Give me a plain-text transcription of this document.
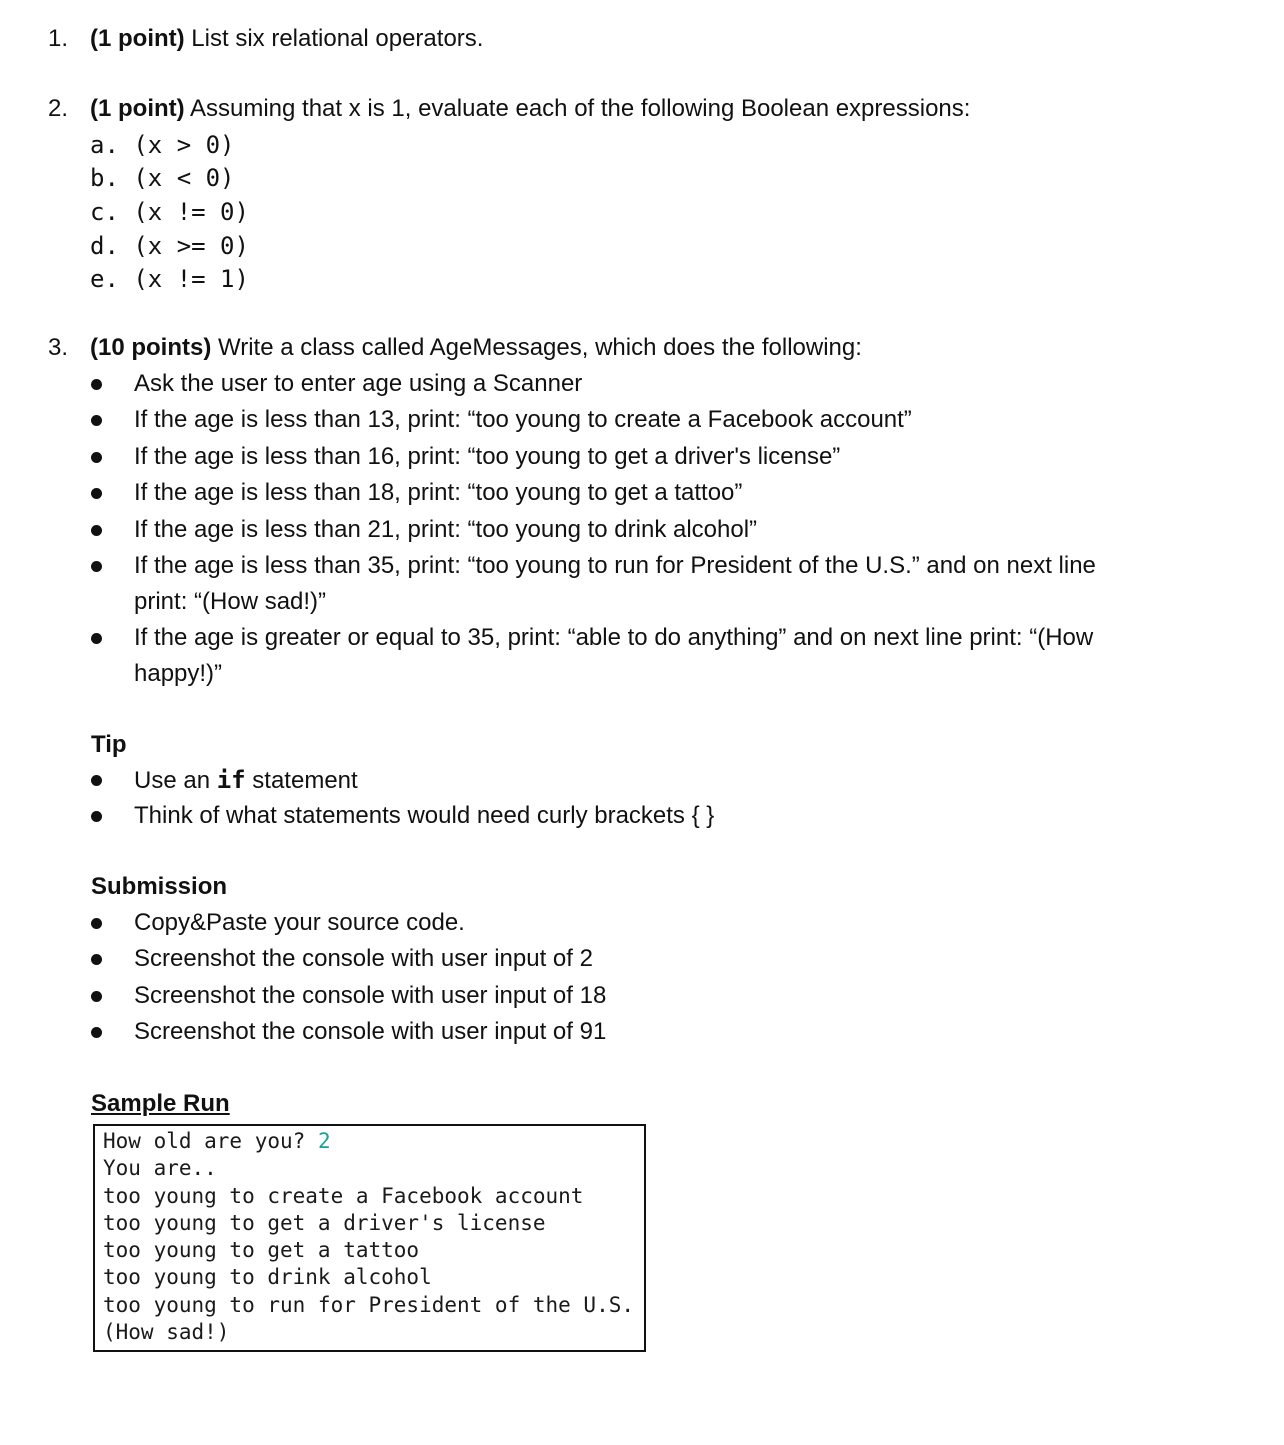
1. (1 point) List six relational operators.
2. (1 point) Assuming that x is 1, evaluate each of the following Boolean expressions:
a. (x > 0)
b. (x < 0)
c. (x != 0)
d. (x >= 0)
e. (x != 1)
3. (10 points) Write a class called AgeMessages, which does the following:
Ask the user to enter age using a Scanner
If the age is less than 13, print: “too young to create a Facebook account”
If the age is less than 16, print: “too young to get a driver's license”
If the age is less than 18, print: “too young to get a tattoo”
If the age is less than 21, print: “too young to drink alcohol”
If the age is less than 35, print: “too young to run for President of the U.S.” and on next line print: “(How sad!)”
If the age is greater or equal to 35, print: “able to do anything” and on next line print: “(How happy!)”
Tip
Use an if statement
Think of what statements would need curly brackets { }
Submission
Copy&Paste your source code.
Screenshot the console with user input of 2
Screenshot the console with user input of 18
Screenshot the console with user input of 91
Sample Run
How old are you? 2
You are..
too young to create a Facebook account
too young to get a driver's license
too young to get a tattoo
too young to drink alcohol
too young to run for President of the U.S.
(How sad!)
